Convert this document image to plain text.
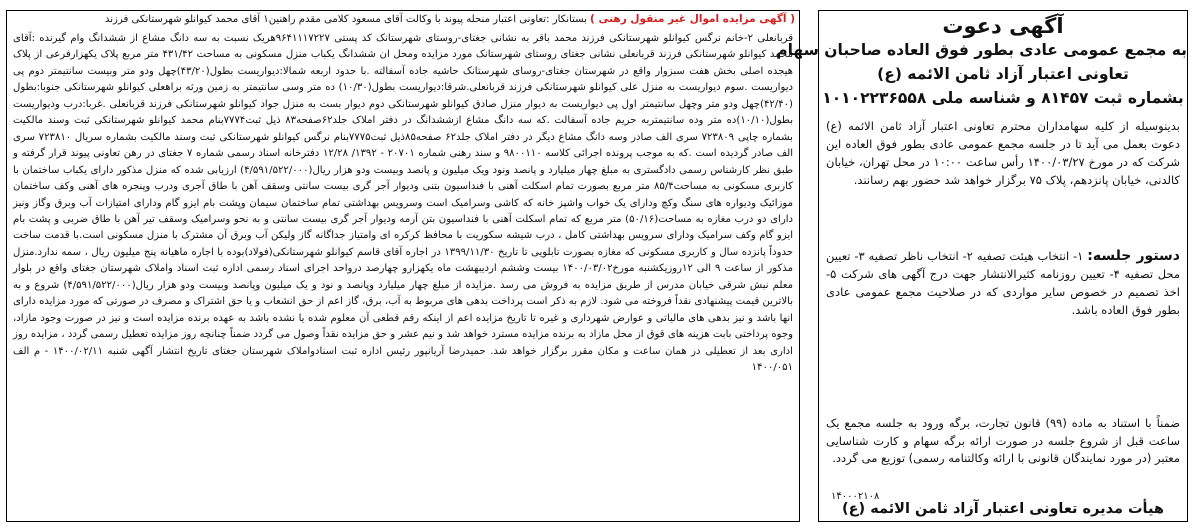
( آگهی مزایده اموال غیر منقول رهنی )
بستانکار :تعاونی اعتبار منحله پیوند با وکالت آقای مسعود کلامی مقدم راهنین۱ آقای محمد کیوانلو شهرستانکی فرزند

قربانعلی ۲-خانم نرگس کیوانلو شهرستانکی فرزند محمد باقر به نشانی جغتای-روستای شهرستانک کد پستی ۹۶۴۱۱۱۷۲۲۷هریک نسبت به سه دانگ مشاع از ششدانگ وام گیرنده :آقای محمد کیوانلو شهرستانکی فرزند قربانعلی نشانی جغتای روستای شهرستانک مورد مزایده ومحل ان ششدانگ یکباب منزل مسکونی به مساحت ۴۳۱/۴۲ متر مربع پلاک یکهزارفرعی از پلاک هیجده اصلی بخش هفت سبزوار واقع در شهرستان جغتای-روسای شهرستانک حاشیه جاده آسفالته .با حدود اربعه شمالا:دیواریست بطول(۴۳/۲۰)چهل ودو متر وبیست سانتیمتر دوم پی دیواریست .سوم دیواریست به منزل علی کیوانلو شهرستانکی فرزند قربانعلی.شرقا:دیواریست بطول(۱۰/۳۰) ده متر وسی سانتیمتر به زمین ورثه براهعلی کیوانلو شهرستانکی جنوبا:بطول (۴۲/۴۰)چهل ودو متر وچهل سانتیمتر اول پی دیواریست به دیوار منزل صادق کیوانلو شهرستانکی دوم دیوار بست به منزل جواد کیوانلو شهرستانکی فرزند قربانعلی .غربا:درب ودیواریست بطول(۱۰/۱۰)ده متر وده سانتیمتربه حریم جاده آسفالت .که سه دانگ مشاع ازششدانگ در دفتر املاک جلد۶۲صفحه۸۳ ذیل ثبت۷۷۷۴بنام محمد کیوانلو شهرستانکی ثبت وسند مالکیت بشماره چاپی ۷۲۳۸۰۹ سری الف صادر وسه دانگ مشاع دیگر در دفتر املاک جلد۶۲ صفحه۸۵ذیل ثبت۷۷۷۵بنام نرگس کیوانلو شهرستانکی ثبت وسند مالکیت بشماره سریال ۷۲۳۸۱۰ سری الف صادر گردیده است .که به موجب پرونده اجرائی کلاسه ۹۸۰۰۱۱۰ و سند رهنی شماره ۲۰۷۰۱ - ۱۳۹۲/ ۱۲/۲۸ دفترخانه اسناد رسمی شماره ۷ جغتای در رهن تعاونی پیوند قرار گرفته و طبق نظر کارشناس رسمی دادگستری به مبلغ چهار میلیارد و پانصد ونود ویک میلیون و پانصد وبیست ودو هزار ریال(۴/۵۹۱/۵۲۲/۰۰۰) ارزیابی شده که منزل مذکور دارای یکباب ساختمان با کاربری مسکونی به مساحت۸۵/۴ متر مربع بصورت تمام اسکلت آهنی با فنداسیون بتنی ودیوار آجر گری بیست سانتی وسقف آهن با طاق آجری ودرب وپنجره های آهنی وکف ساختمان موزائیک ودیواره های سنگ وکچ ودارای یک خواب واشپز خانه که کاشی وسرامیک است وسرویس بهداشتی تمام ساختمان سیمان وپشت بام ایزو گام ودارای امتیازات آب وبرق وگاز ونیز دارای دو درب مغازه به مساحت(۵۰/۱۶) متر مربع که تمام اسکلت آهنی با فنداسیون بتن آرمه ودیوار آجر گری بیست سانتی و به نحو وسرامیک وسقف تیر آهن با طاق ضربی و پشت بام ایزو گام وکف سرامیک ودارای سرویس بهداشتی کامل ، درب شیشه سکوریت با محافظ کرکره ای وامتیاز جداگانه گاز ولیکن آب وبرق آن مشترک با منزل مسکونی است.با قدمت ساخت حدوداً پانزده سال و کاربری مسکونی که مغازه بصورت تابلویی تا تاریخ ۱۳۹۹/۱۱/۳۰ در اجاره آقای قاسم کیوانلو شهرستانکی(فولاد)بوده با اجاره ماهیانه پنج میلیون ریال ، سمه ندارد.منزل مذکور از ساعت ۹ الی ۱۲روزیکشنبه مورخ۱۴۰۰/۰۳/۰۲ بیست وششم اردیبهشت ماه یکهزارو چهارصد درواحد اجرای اسناد رسمی اداره ثبت اسناد واملاک شهرستان جغتای واقع در بلوار معلم نبش شرقی خیابان مدرس از طریق مزایده به فروش می رسد .مزایده از مبلغ چهار میلیارد وپانصد و نود و یک میلیون وپانصد وبیست ودو هزار ریال(۴/۵۹۱/۵۲۲/۰۰۰) شروع و به بالاترین قیمت پیشنهادی نقداً فروخته می شود. لازم به ذکر است پرداخت بدهی های مربوط به آب، برق، گاز اعم از حق انشعاب و یا حق اشتراک و مصرف در صورتی که مورد مزایده دارای انها باشد و نیز بدهی های مالیاتی و عوارض شهرداری و غیره تا تاریخ مزایده اعم از اینکه رقم قطعی آن معلوم شده یا نشده باشد به عهده برنده مزایده است و نیز در صورت وجود مازاد، وجوه پرداختی بابت هزینه های قوق از محل مازاد به برنده مزایده مسترد خواهد شد و نیم عشر و حق مزایده نقداً وصول می گردد ضمناً چنانچه روز مزایده تعطیل رسمی گردد ، مزایده روز اداری بعد از تعطیلی در همان ساعت و مکان مقرر برگزار خواهد شد. حمیدرضا آریانپور رئیس اداره ثبت اسنادواملاک شهرستان جغتای تاریخ انتشار آگهی شنبه ۱۴۰۰/۰۲/۱۱ - م الف ۱۴۰۰/۰۵۱

آگهی دعوت
به مجمع عمومی عادی بطور فوق العاده صاحبان سهام
تعاونی اعتبار آزاد ثامن الائمه (ع)
بشماره ثبت ۸۱۴۵۷ و شناسه ملی ۱۰۱۰۲۲۳۶۵۵۸
بدینوسیله از کلیه سهامداران محترم تعاونی اعتبار آزاد ثامن الائمه (ع) دعوت بعمل می آید تا در جلسه مجمع عمومی عادی بطور فوق العاده این شرکت که در مورخ ۱۴۰۰/۰۳/۲۷ رأس ساعت ۱۰:۰۰ در محل تهران، خیابان کالدنی، خیابان پانزدهم، پلاک ۷۵ برگزار خواهد شد حضور بهم رسانند.
دستور جلسه: ۱- انتخاب هیئت تصفیه ۲- انتخاب ناظر تصفیه ۳- تعیین محل تصفیه ۴- تعیین روزنامه کثیرالانتشار جهت درج آگهی های شرکت ۵- اخذ تصمیم در خصوص سایر مواردی که در صلاحیت مجمع عمومی عادی بطور فوق العاده باشد.
ضمناً با استناد به ماده (۹۹) قانون تجارت، برگه ورود به جلسه مجمع یک ساعت قبل از شروع جلسه در صورت ارائه برگه سهام و کارت شناسایی معتبر (در مورد نمایندگان قانونی با ارائه وکالتنامه رسمی) توزیع می گردد.
۱۴۰۰۰۲۱۰۸
هیأت مدیره تعاونی اعتبار آزاد ثامن الائمه (ع)
